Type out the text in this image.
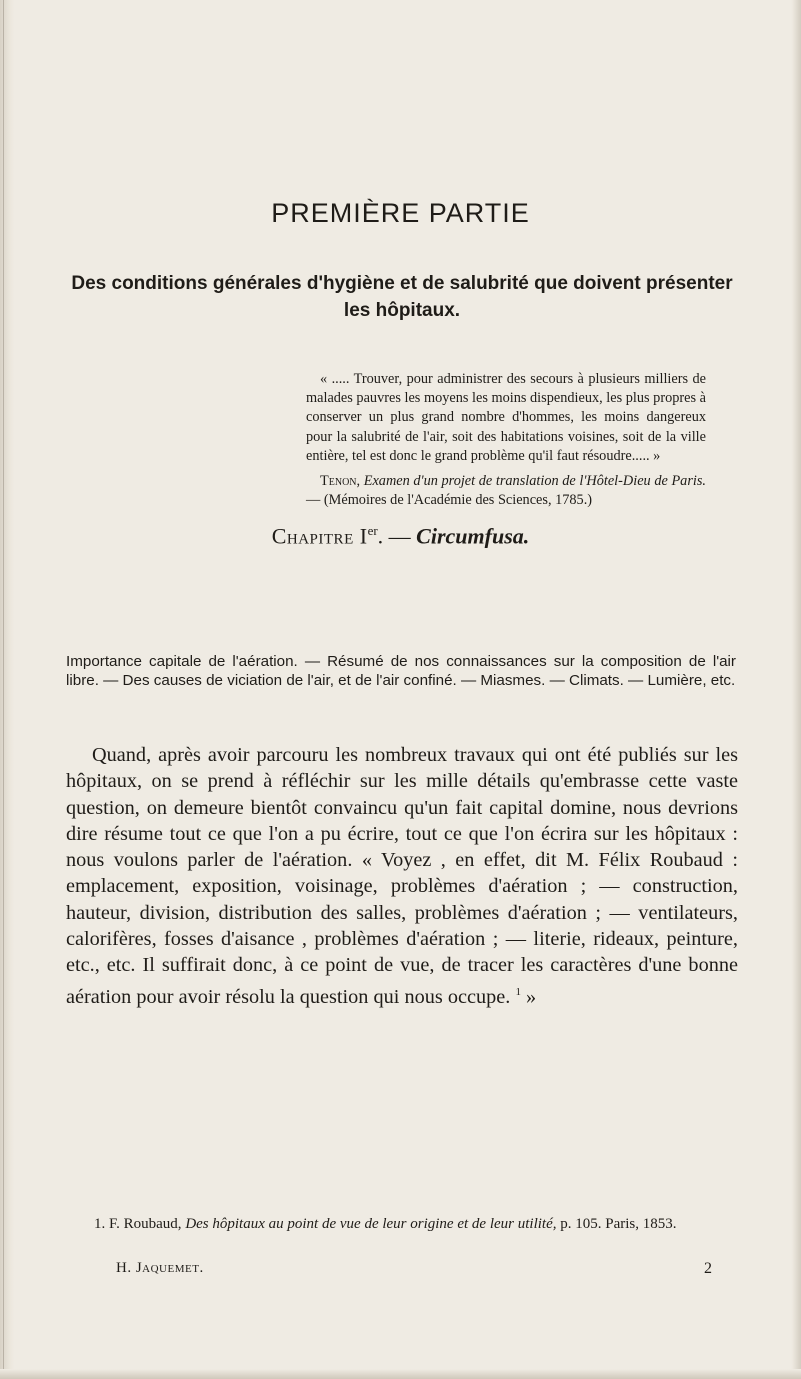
PREMIÈRE PARTIE
Des conditions générales d'hygiène et de salubrité que doivent présenter les hôpitaux.

« ..... Trouver, pour administrer des secours à plusieurs milliers de malades pauvres les moyens les moins dispendieux, les plus propres à conserver un plus grand nombre d'hommes, les moins dangereux pour la salubrité de l'air, soit des habitations voisines, soit de la ville entière, tel est donc le grand problème qu'il faut résoudre..... »

Tenon, Examen d'un projet de translation de l'Hôtel-Dieu de Paris. — (Mémoires de l'Académie des Sciences, 1785.)

Chapitre Ier. — Circumfusa.

Importance capitale de l'aération. — Résumé de nos connaissances sur la composition de l'air libre. — Des causes de viciation de l'air, et de l'air confiné. — Miasmes. — Climats. — Lumière, etc.

Quand, après avoir parcouru les nombreux travaux qui ont été publiés sur les hôpitaux, on se prend à réfléchir sur les mille détails qu'embrasse cette vaste question, on demeure bientôt convaincu qu'un fait capital domine, nous devrions dire résume tout ce que l'on a pu écrire, tout ce que l'on écrira sur les hôpitaux : nous voulons parler de l'aération. « Voyez , en effet, dit M. Félix Roubaud : emplacement, exposition, voisinage, problèmes d'aération ; — construction, hauteur, division, distribution des salles, problèmes d'aération ; — ventilateurs, calorifères, fosses d'aisance , problèmes d'aération ; — literie, rideaux, peinture, etc., etc. Il suffirait donc, à ce point de vue, de tracer les caractères d'une bonne aération pour avoir résolu la question qui nous occupe. $^1$ »

1. F. Roubaud, Des hôpitaux au point de vue de leur origine et de leur utilité, p. 105. Paris, 1853.

H. Jaquemet.	2
